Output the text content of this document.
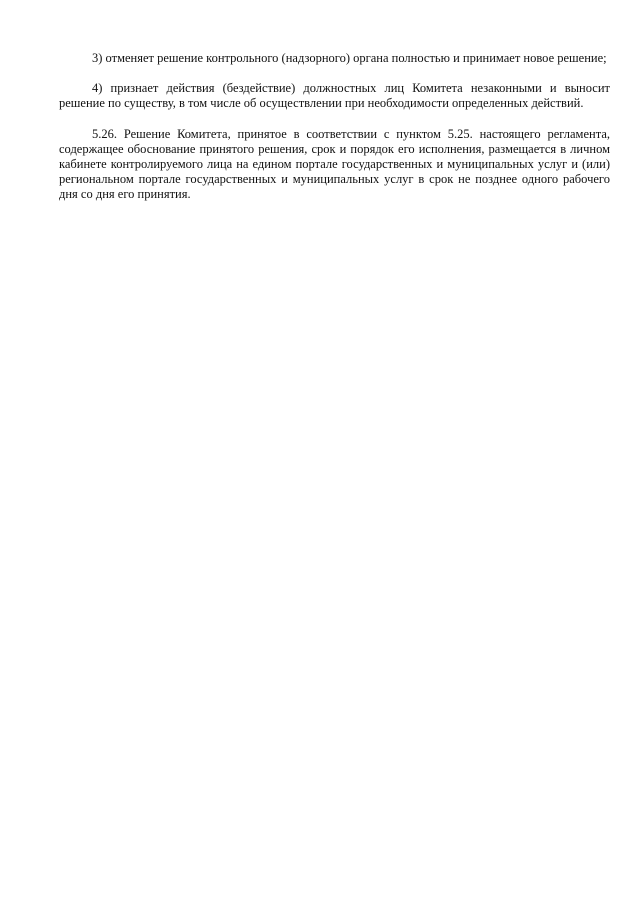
3) отменяет решение контрольного (надзорного) органа полностью и принимает новое решение;

4) признает действия (бездействие) должностных лиц Комитета незаконными и выносит решение по существу, в том числе об осуществлении при необходимости определенных действий.

5.26. Решение Комитета, принятое в соответствии с пунктом 5.25. настоящего регламента, содержащее обоснование принятого решения, срок и порядок его исполнения, размещается в личном кабинете контролируемого лица на едином портале государственных и муниципальных услуг и (или) региональном портале государственных и муниципальных услуг в срок не позднее одного рабочего дня со дня его принятия.
